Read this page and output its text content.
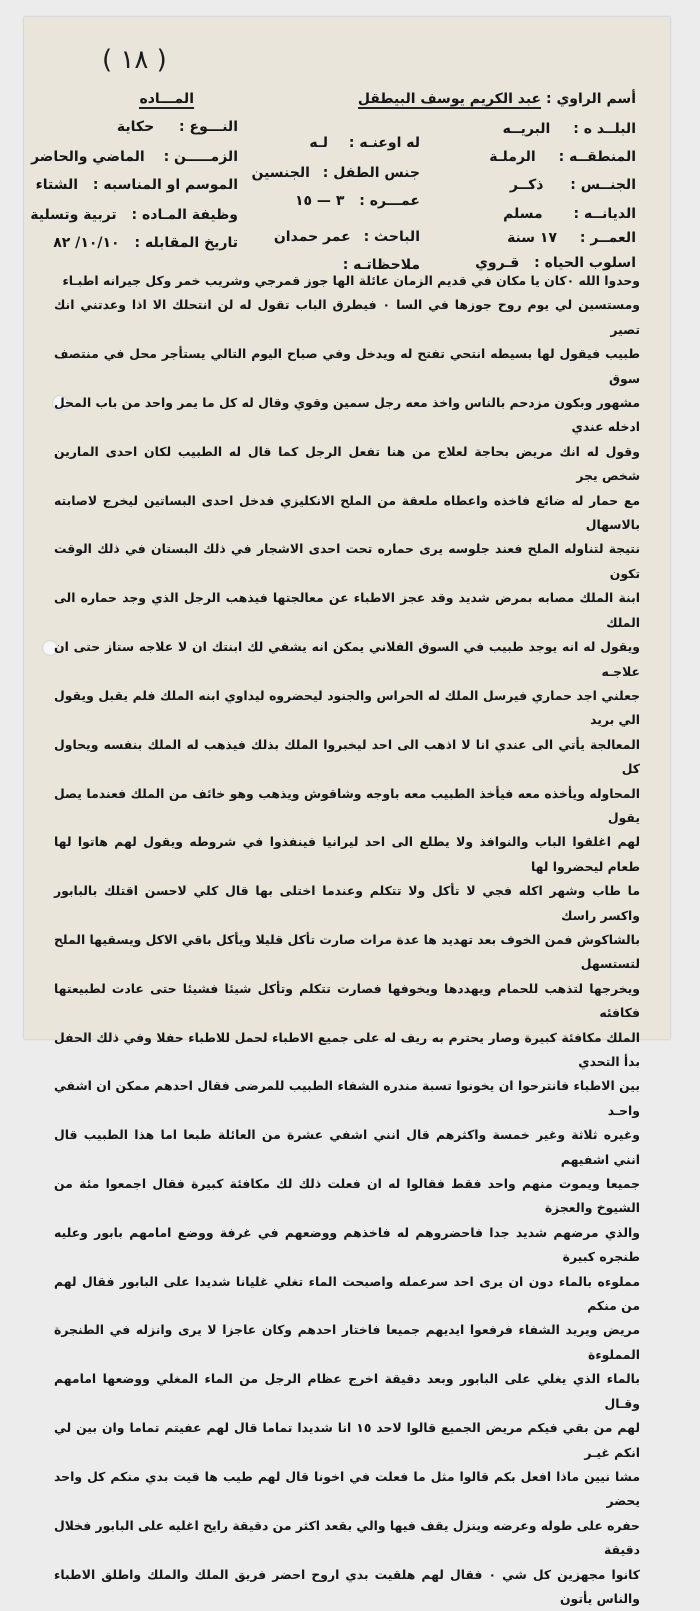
( ١٨ )
أسم الراوي : عبد الكريم يوسف البيطقل
البلــد ه : البريــه
المنطقــه : الرملـة
الجنــس : ذكــر
الديانــه : مسلم
العمــر : ١٧ سنة
اسلوب الحياه : قـروي
له اوعنـه : لـه
جنس الطفل : الجنسين
عمـــره : ٣ — ١٥
الباحث : عمر حمدان
ملاحظاتـه :
المـــاده
النـــوع : حكاية
الزمـــــن : الماضي والحاضر
الموسم او المناسبه : الشتاء
وظيفة المـاده : تربية وتسلية
تاريخ المقابله : ١٠/١٠/ ٨٢

وحدوا الله ٠كان يا مكان في قديم الزمان عائلة الها جوز قمرجي وشريب خمر وكل جيرانه اطبـاء

ومستسين لي يوم روح جوزها في السا ٠ فيطرق الباب تقول له لن انتحلك الا اذا وعدتني انك تصير

طبيب فيقول لها بسيطه انتحي تفتح له ويدخل وفي صباح اليوم التالي يستأجر محل في منتصف سوق

مشهور وبكون مزدحم بالناس واخذ معه رجل سمين وقوي وقال له كل ما يمر واحد من باب المحل ادخله عندي

وقول له انك مريض بحاجة لعلاج من هنا تفعل الرجل كما قال له الطبيب لكان احدى المارين شخص يجر

مع حمار له ضائع فاخذه واعطاه ملعقة من الملح الانكليزي فدخل احدى البساتين ليخرج لاصابته بالاسهال

نتيجة لتناوله الملح فعند جلوسه يرى حماره تحت احدى الاشجار في ذلك البستان في ذلك الوقت تكون

ابنة الملك مصابه بمرض شديد وقد عجز الاطباء عن معالجتها فيذهب الرجل الذي وجد حماره الى الملك

ويقول له انه يوجد طبيب في السوق الفلاني يمكن انه يشفي لك ابنتك ان لا علاجه ستاز حتى ان علاجـه

جعلني اجد حماري فيرسل الملك له الحراس والجنود ليحضروه ليداوي ابنه الملك فلم يقبل ويقول الي بريد

المعالجة يأتي الى عندي انا لا اذهب الى احد ليخبروا الملك بذلك فيذهب له الملك بنفسه ويحاول كل

المحاوله ويأخذه معه فيأخذ الطبيب معه باوجه وشاقوش ويذهب وهو خائف من الملك فعندما يصل يقول

لهم اغلقوا الباب والنوافذ ولا يطلع الى احد ليرانيا فينفذوا في شروطه ويقول لهم هاتوا لها طعام ليحضروا لها

ما طاب وشهر اكله فجي لا تأكل ولا تتكلم وعندما اختلى بها قال كلي لاحسن اقتلك بالبابور واكسر راسك

بالشاكوش فمن الخوف بعد تهديد ها عدة مرات صارت تأكل قليلا ويأكل باقي الاكل ويسقيها الملح لتستسهل

ويخرجها لتذهب للحمام ويهددها ويخوفها فصارت تتكلم وتأكل شيئا فشيئا حتى عادت لطبيعتها فكافئه

الملك مكافئة كبيرة وصار يحترم به ريف له على جميع الاطباء لحمل للاطباء حفلا وفي ذلك الحفل بدأ التحدي

بين الاطباء فانترحوا ان يخونوا تسبة مندره الشفاء الطبيب للمرضى فقال احدهم ممكن ان اشفي واحـد

وغيره ثلاثة وغير خمسة واكثرهم قال انني اشفي عشرة من العائلة طبعا اما هذا الطبيب قال انني اشفيهم

جميعا ويموت منهم واحد فقط فقالوا له ان فعلت ذلك لك مكافئة كبيرة فقال اجمعوا مئة من الشيوخ والعجزة

والذي مرضهم شديد جدا فاحضروهم له فاخذهم ووضعهم في غرفة ووضع امامهم بابور وعليه طنجره كبيرة

مملوءه بالماء دون ان يرى احد سرعمله واصبحت الماء تغلي غليانا شديدا على البابور فقال لهم من منكم

مريض ويريد الشفاء فرفعوا ايديهم جميعا فاختار احدهم وكان عاجزا لا يرى وانزله في الطنجرة المملوءة

بالماء الذي يغلي على البابور وبعد دقيقة اخرج عظام الرجل من الماء المغلي ووضعها امامهم وقـال

لهم من بقي فيكم مريض الجميع قالوا لاحد ١٥ انا شديدا تماما قال لهم عفيتم تماما وان بين لي انكم غيـر

مشا نيين ماذا افعل بكم قالوا مثل ما فعلت في اخونا قال لهم طيب ها قيت بدي منكم كل واحد يحضر

حفره على طوله وعرضه وينزل يقف فيها والي بقعد اكثر من دقيقة رايح اغليه على البابور فخلال دقيقة

كانوا مجهزين كل شي ٠ فقال لهم هلقيت بدي اروح احضر فريق الملك والملك واطلق الاطباء والناس يأتون
